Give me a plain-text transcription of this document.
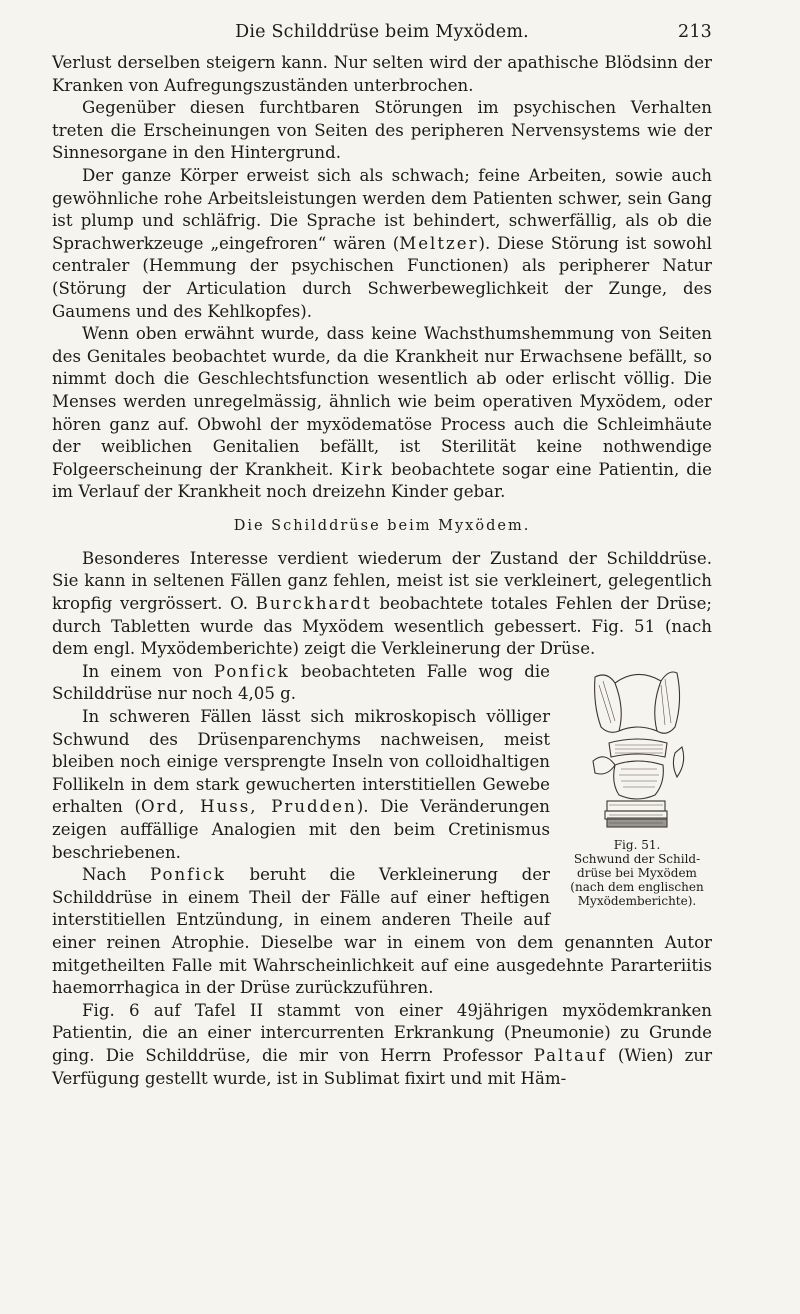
Die Schilddrüse beim Myxödem.	213

Verlust derselben steigern kann. Nur selten wird der apathische Blödsinn der Kranken von Aufregungszuständen unterbrochen.

Gegenüber diesen furchtbaren Störungen im psychischen Verhalten treten die Erscheinungen von Seiten des peripheren Nervensystems wie der Sinnesorgane in den Hintergrund.

Der ganze Körper erweist sich als schwach; feine Arbeiten, sowie auch gewöhnliche rohe Arbeitsleistungen werden dem Patienten schwer, sein Gang ist plump und schläfrig. Die Sprache ist behindert, schwerfällig, als ob die Sprachwerkzeuge „eingefroren“ wären (Meltzer). Diese Störung ist sowohl centraler (Hemmung der psychischen Functionen) als peripherer Natur (Störung der Articulation durch Schwerbeweglichkeit der Zunge, des Gaumens und des Kehlkopfes).

Wenn oben erwähnt wurde, dass keine Wachsthumshemmung von Seiten des Genitales beobachtet wurde, da die Krankheit nur Erwachsene befällt, so nimmt doch die Geschlechtsfunction wesentlich ab oder erlischt völlig. Die Menses werden unregelmässig, ähnlich wie beim operativen Myxödem, oder hören ganz auf. Obwohl der myxödematöse Process auch die Schleimhäute der weiblichen Genitalien befällt, ist Sterilität keine nothwendige Folgeerscheinung der Krankheit. Kirk beobachtete sogar eine Patientin, die im Verlauf der Krankheit noch dreizehn Kinder gebar.

Die Schilddrüse beim Myxödem.

Besonderes Interesse verdient wiederum der Zustand der Schilddrüse. Sie kann in seltenen Fällen ganz fehlen, meist ist sie verkleinert, gelegentlich kropfig vergrössert. O. Burckhardt beobachtete totales Fehlen der Drüse; durch Tabletten wurde das Myxödem wesentlich gebessert. Fig. 51 (nach dem engl. Myxödemberichte) zeigt die Verkleinerung der Drüse.

Fig. 51.
Schwund der Schild-
drüse bei Myxödem
(nach dem englischen
Myxödemberichte).

In einem von Ponfick beobachteten Falle wog die Schilddrüse nur noch 4,05 g.

In schweren Fällen lässt sich mikroskopisch völliger Schwund des Drüsenparenchyms nachweisen, meist bleiben noch einige versprengte Inseln von colloidhaltigen Follikeln in dem stark gewucherten interstitiellen Gewebe erhalten (Ord, Huss, Prudden). Die Veränderungen zeigen auffällige Analogien mit den beim Cretinismus beschriebenen.

Nach Ponfick beruht die Verkleinerung der Schilddrüse in einem Theil der Fälle auf einer heftigen interstitiellen Entzündung, in einem anderen Theile auf einer reinen Atrophie. Dieselbe war in einem von dem genannten Autor mitgetheilten Falle mit Wahrscheinlichkeit auf eine ausgedehnte Pararteriitis haemorrhagica in der Drüse zurückzuführen.

Fig. 6 auf Tafel II stammt von einer 49jährigen myxödemkranken Patientin, die an einer intercurrenten Erkrankung (Pneumonie) zu Grunde ging. Die Schilddrüse, die mir von Herrn Professor Paltauf (Wien) zur Verfügung gestellt wurde, ist in Sublimat fixirt und mit Häm-
